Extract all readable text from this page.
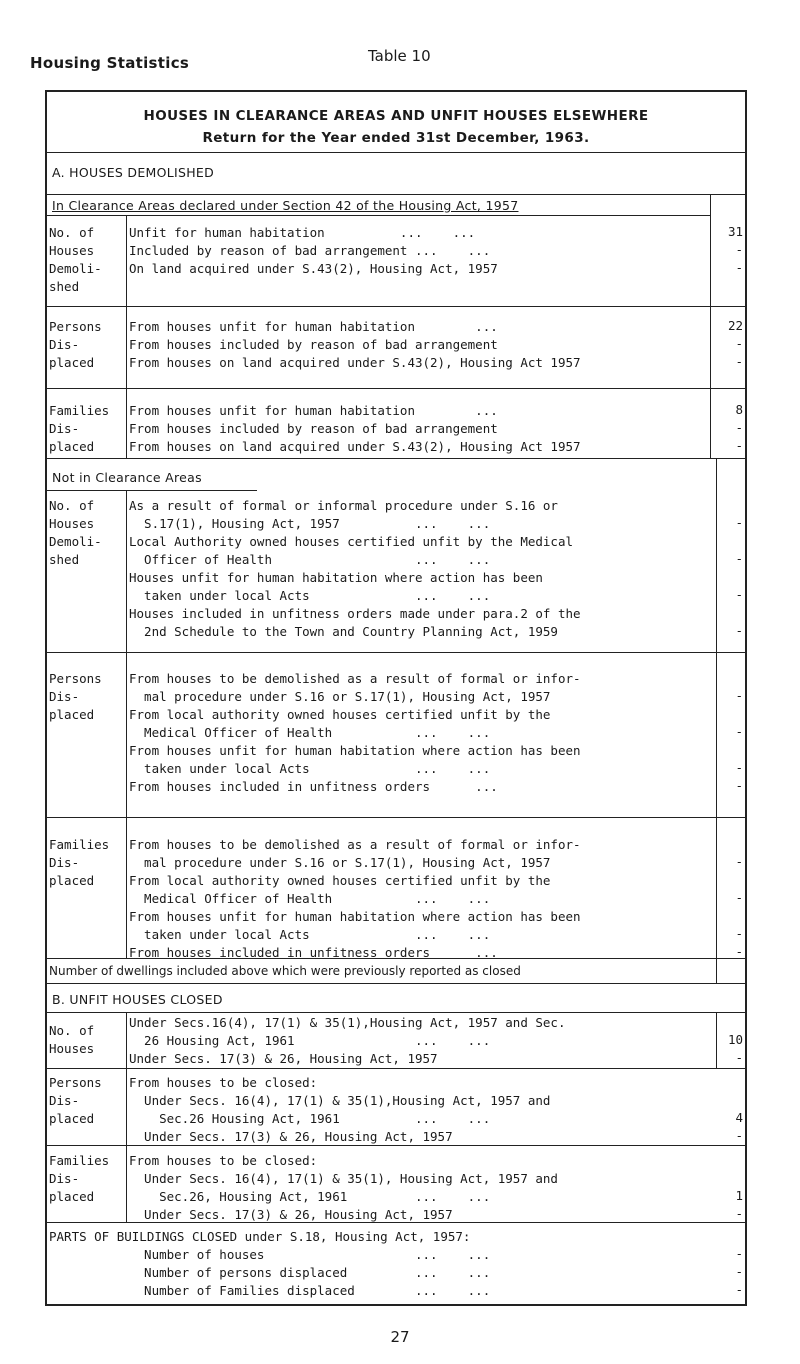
Housing Statistics	Table 10
HOUSES IN CLEARANCE AREAS AND UNFIT HOUSES ELSEWHERE
Return for the Year ended 31st December, 1963.
A. HOUSES DEMOLISHED
In Clearance Areas declared under Section 42 of the Housing Act, 1957
No. of
Houses
Demoli-
shed
Unfit for human habitation          ...    ...
Included by reason of bad arrangement ...    ...
On land acquired under S.43(2), Housing Act, 1957
31
-
-
Persons
Dis-
placed
From houses unfit for human habitation        ...
From houses included by reason of bad arrangement
From houses on land acquired under S.43(2), Housing Act 1957
22
-
-
Families
Dis-
placed
From houses unfit for human habitation        ...
From houses included by reason of bad arrangement
From houses on land acquired under S.43(2), Housing Act 1957
8
-
-
Not in Clearance Areas
No. of
Houses
Demoli-
shed
As a result of formal or informal procedure under S.16 or
S.17(1), Housing Act, 1957          ...    ...
Local Authority owned houses certified unfit by the Medical
Officer of Health                   ...    ...
Houses unfit for human habitation where action has been
taken under local Acts              ...    ...
Houses included in unfitness orders made under para.2 of the
2nd Schedule to the Town and Country Planning Act, 1959
-
-
-
-
Persons
Dis-
placed
From houses to be demolished as a result of formal or infor-
mal procedure under S.16 or S.17(1), Housing Act, 1957
From local authority owned houses certified unfit by the
Medical Officer of Health           ...    ...
From houses unfit for human habitation where action has been
taken under local Acts              ...    ...
From houses included in unfitness orders      ...
-
-
-
-
Families
Dis-
placed
From houses to be demolished as a result of formal or infor-
mal procedure under S.16 or S.17(1), Housing Act, 1957
From local authority owned houses certified unfit by the
Medical Officer of Health           ...    ...
From houses unfit for human habitation where action has been
taken under local Acts              ...    ...
From houses included in unfitness orders      ...
-
-
-
-
Number of dwellings included above which were previously reported as closed
B. UNFIT HOUSES CLOSED
No. of
Houses
Under Secs.16(4), 17(1) & 35(1),Housing Act, 1957 and Sec.
26 Housing Act, 1961                ...    ...
Under Secs. 17(3) & 26, Housing Act, 1957
10
-
Persons
Dis-
placed
From houses to be closed:
Under Secs. 16(4), 17(1) & 35(1),Housing Act, 1957 and
Sec.26 Housing Act, 1961          ...    ...
Under Secs. 17(3) & 26, Housing Act, 1957
4
-
Families
Dis-
placed
From houses to be closed:
Under Secs. 16(4), 17(1) & 35(1), Housing Act, 1957 and
Sec.26, Housing Act, 1961         ...    ...
Under Secs. 17(3) & 26, Housing Act, 1957
1
-
PARTS OF BUILDINGS CLOSED under S.18, Housing Act, 1957:
Number of houses                    ...    ...
Number of persons displaced         ...    ...
Number of Families displaced        ...    ...
-
-
-
27
